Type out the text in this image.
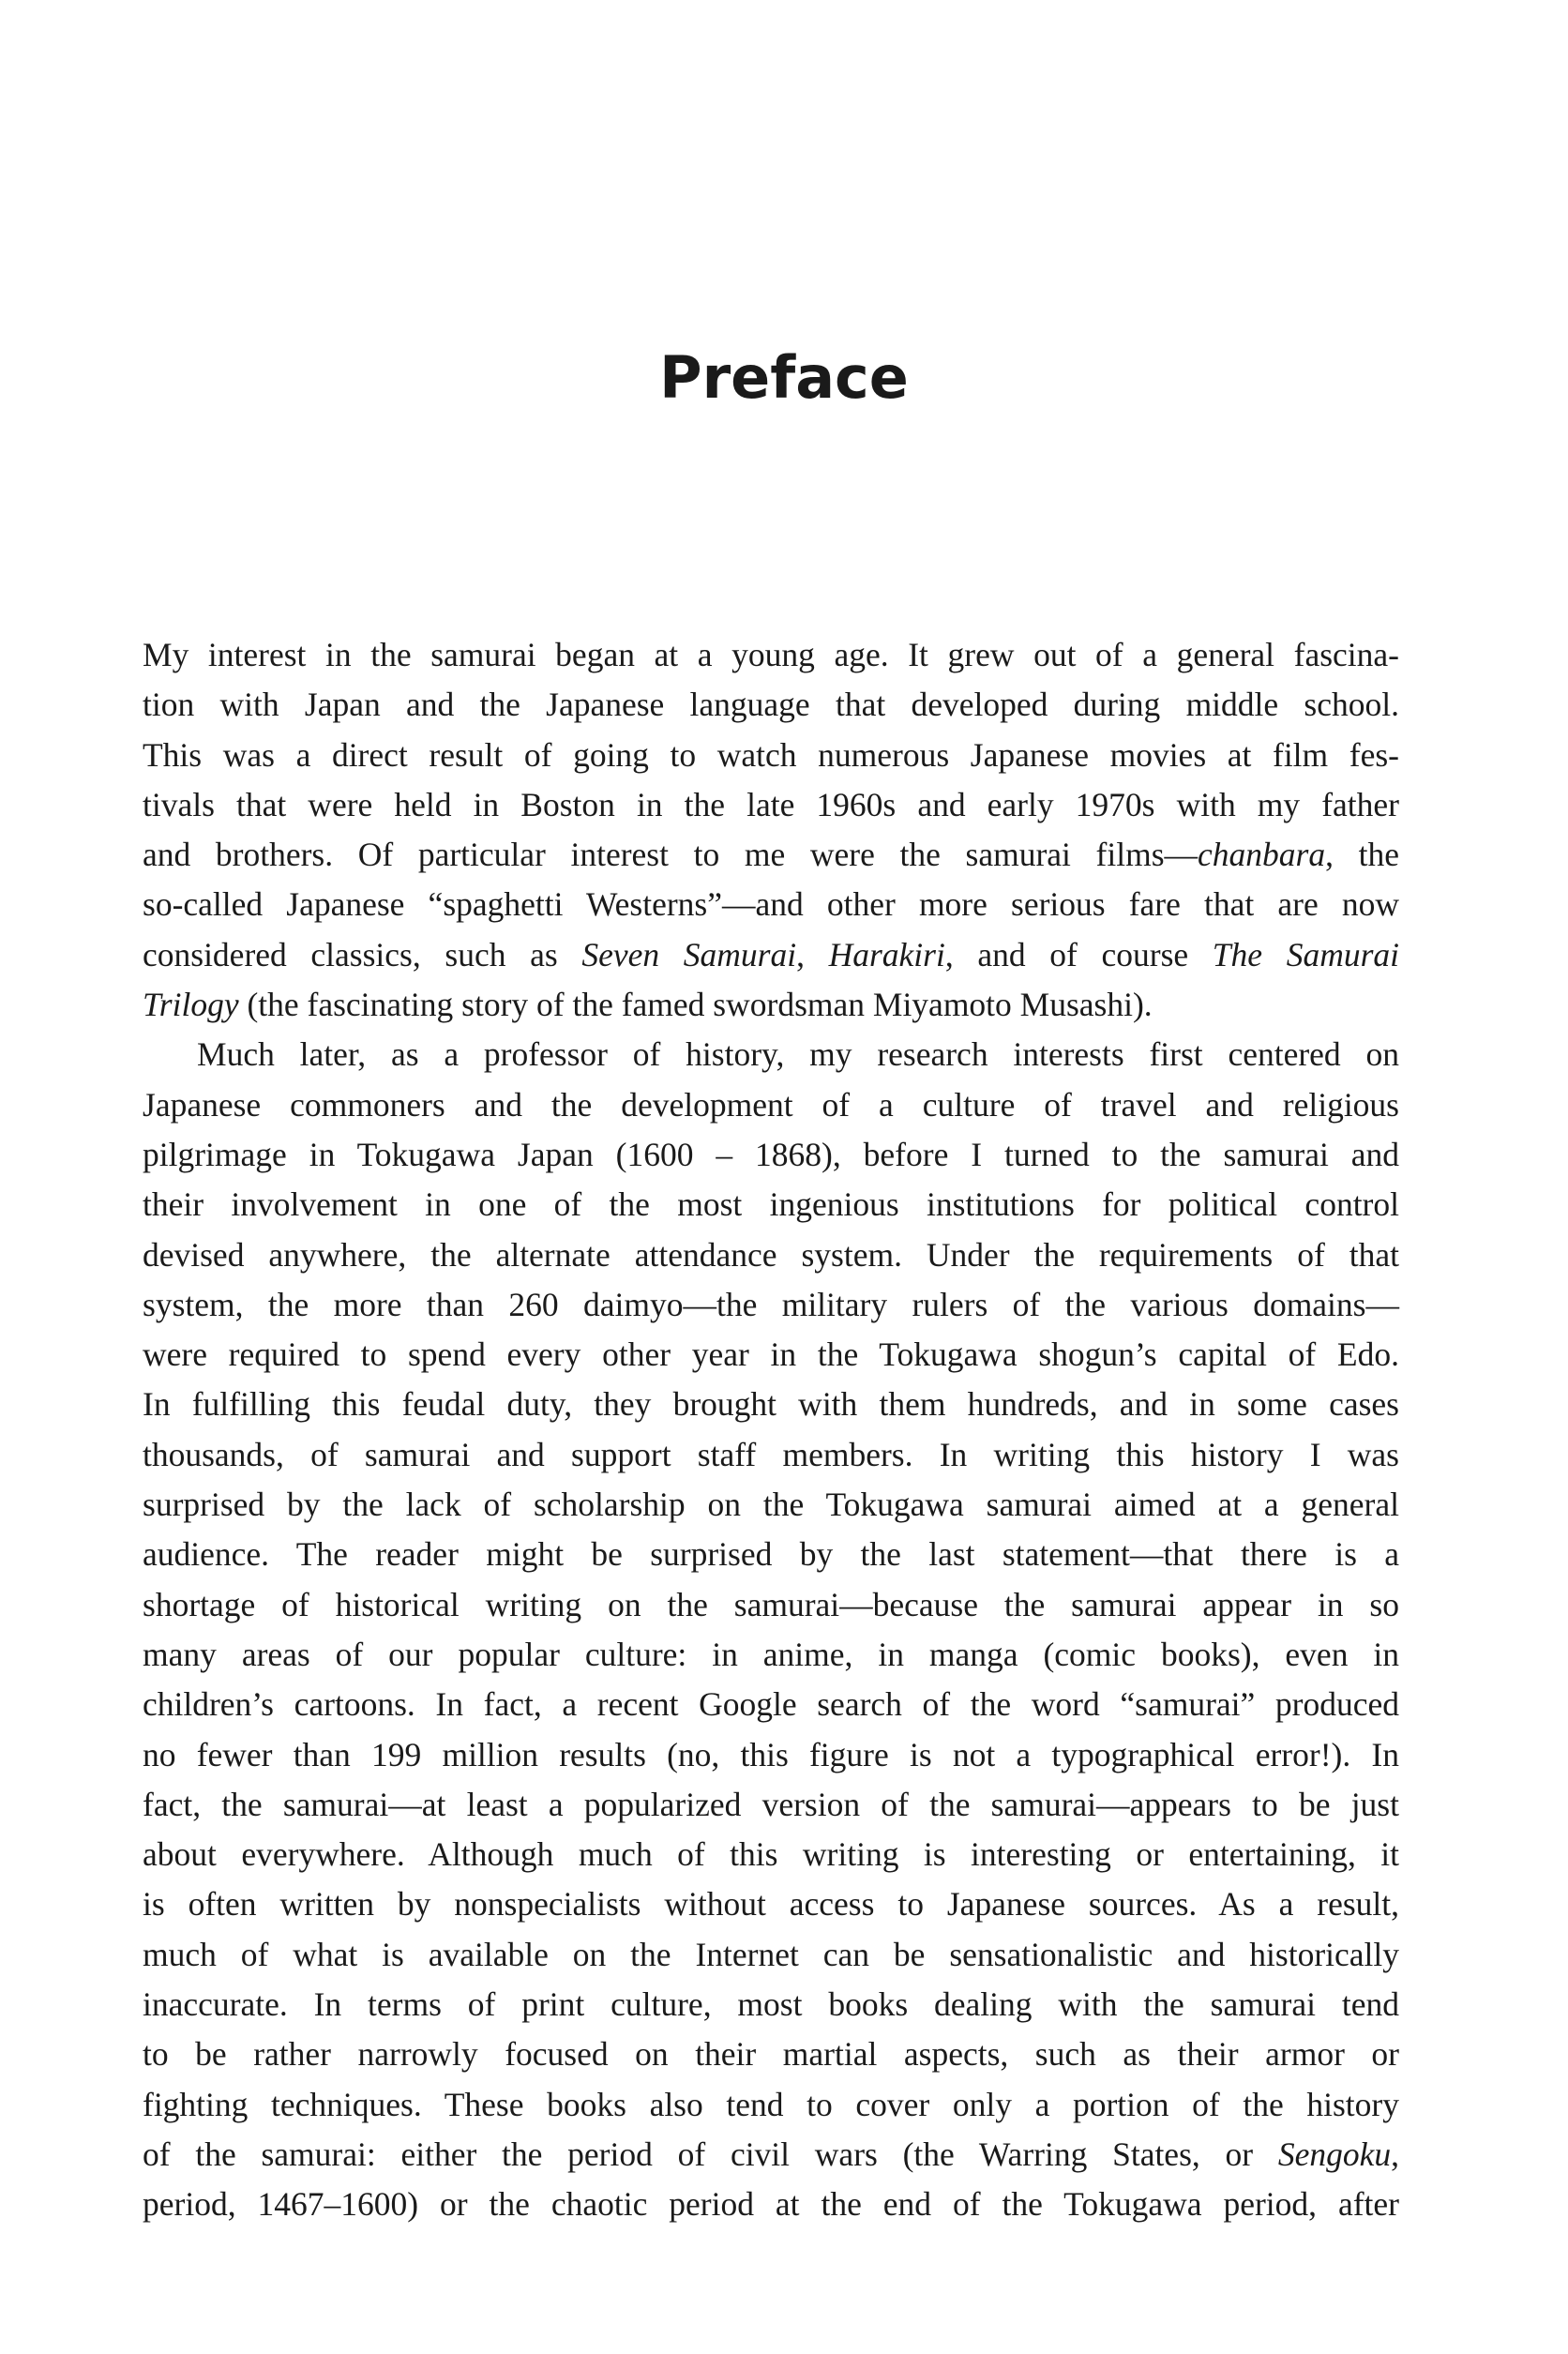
Preface
My interest in the samurai began at a young age. It grew out of a general fascina-
tion with Japan and the Japanese language that developed during middle school.
This was a direct result of going to watch numerous Japanese movies at film fes-
tivals that were held in Boston in the late 1960s and early 1970s with my father
and brothers. Of particular interest to me were the samurai films—chanbara, the
so-called Japanese “spaghetti Westerns”—and other more serious fare that are now
considered classics, such as Seven Samurai, Harakiri, and of course The Samurai
Trilogy (the fascinating story of the famed swordsman Miyamoto Musashi).
Much later, as a professor of history, my research interests first centered on
Japanese commoners and the development of a culture of travel and religious
pilgrimage in Tokugawa Japan (1600 – 1868), before I turned to the samurai and
their involvement in one of the most ingenious institutions for political control
devised anywhere, the alternate attendance system. Under the requirements of that
system, the more than 260 daimyo—the military rulers of the various domains—
were required to spend every other year in the Tokugawa shogun’s capital of Edo.
In fulfilling this feudal duty, they brought with them hundreds, and in some cases
thousands, of samurai and support staff members. In writing this history I was
surprised by the lack of scholarship on the Tokugawa samurai aimed at a general
audience. The reader might be surprised by the last statement—that there is a
shortage of historical writing on the samurai—because the samurai appear in so
many areas of our popular culture: in anime, in manga (comic books), even in
children’s cartoons. In fact, a recent Google search of the word “samurai” produced
no fewer than 199 million results (no, this figure is not a typographical error!). In
fact, the samurai—at least a popularized version of the samurai—appears to be just
about everywhere. Although much of this writing is interesting or entertaining, it
is often written by nonspecialists without access to Japanese sources. As a result,
much of what is available on the Internet can be sensationalistic and historically
inaccurate. In terms of print culture, most books dealing with the samurai tend
to be rather narrowly focused on their martial aspects, such as their armor or
fighting techniques. These books also tend to cover only a portion of the history
of the samurai: either the period of civil wars (the Warring States, or Sengoku,
period, 1467–1600) or the chaotic period at the end of the Tokugawa period, after
